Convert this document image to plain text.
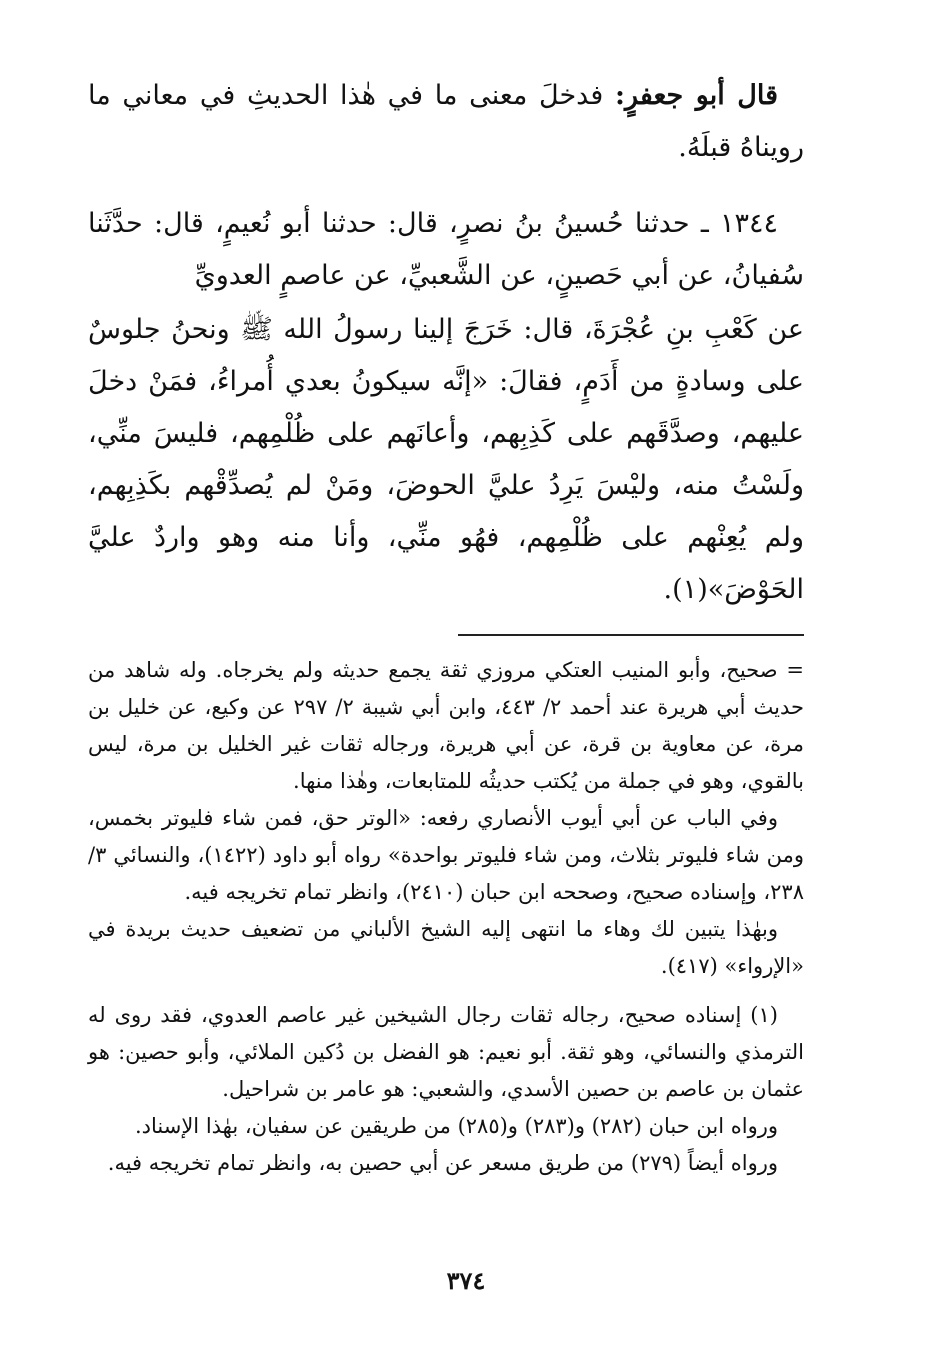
قال أبو جعفرٍ: فدخلَ معنى ما في هٰذا الحديثِ في معاني ما رويناهُ قبلَهُ.

١٣٤٤ ـ حدثنا حُسينُ بنُ نصرٍ، قال: حدثنا أبو نُعيمٍ، قال: حدَّثَنا سُفيانُ، عن أبي حَصينٍ، عن الشَّعبيِّ، عن عاصمٍ العدويِّ

عن كَعْبِ بنِ عُجْرَةَ، قال: خَرَجَ إلينا رسولُ الله ﷺ ونحنُ جلوسٌ على وسادةٍ من أَدَمٍ، فقالَ: «إنَّه سيكونُ بعدي أُمراءُ، فمَنْ دخلَ عليهم، وصدَّقَهم على كَذِبِهم، وأعانَهم على ظُلْمِهم، فليسَ منِّي، ولَسْتُ منه، وليْسَ يَرِدُ عليَّ الحوضَ، ومَنْ لم يُصدِّقْهم بكَذِبِهم، ولم يُعِنْهم على ظُلْمِهم، فهُو منِّي، وأنا منه وهو واردٌ عليَّ الحَوْضَ»(١).

= صحيح، وأبو المنيب العتكي مروزي ثقة يجمع حديثه ولم يخرجاه. وله شاهد من حديث أبي هريرة عند أحمد ٢/ ٤٤٣، وابن أبي شيبة ٢/ ٢٩٧ عن وكيع، عن خليل بن مرة، عن معاوية بن قرة، عن أبي هريرة، ورجاله ثقات غير الخليل بن مرة، ليس بالقوي، وهو في جملة من يُكتب حديثُه للمتابعات، وهٰذا منها.

وفي الباب عن أبي أيوب الأنصاري رفعه: «الوتر حق، فمن شاء فليوتر بخمس، ومن شاء فليوتر بثلاث، ومن شاء فليوتر بواحدة» رواه أبو داود (١٤٢٢)، والنسائي ٣/ ٢٣٨، وإسناده صحيح، وصححه ابن حبان (٢٤١٠)، وانظر تمام تخريجه فيه.

وبهٰذا يتبين لك وهاء ما انتهى إليه الشيخ الألباني من تضعيف حديث بريدة في «الإرواء» (٤١٧).

(١) إسناده صحيح، رجاله ثقات رجال الشيخين غير عاصم العدوي، فقد روى له الترمذي والنسائي، وهو ثقة. أبو نعيم: هو الفضل بن دُكين الملائي، وأبو حصين: هو عثمان بن عاصم بن حصين الأسدي، والشعبي: هو عامر بن شراحيل.

ورواه ابن حبان (٢٨٢) و(٢٨٣) و(٢٨٥) من طريقين عن سفيان، بهٰذا الإسناد.

ورواه أيضاً (٢٧٩) من طريق مسعر عن أبي حصين به، وانظر تمام تخريجه فيه.

٣٧٤
